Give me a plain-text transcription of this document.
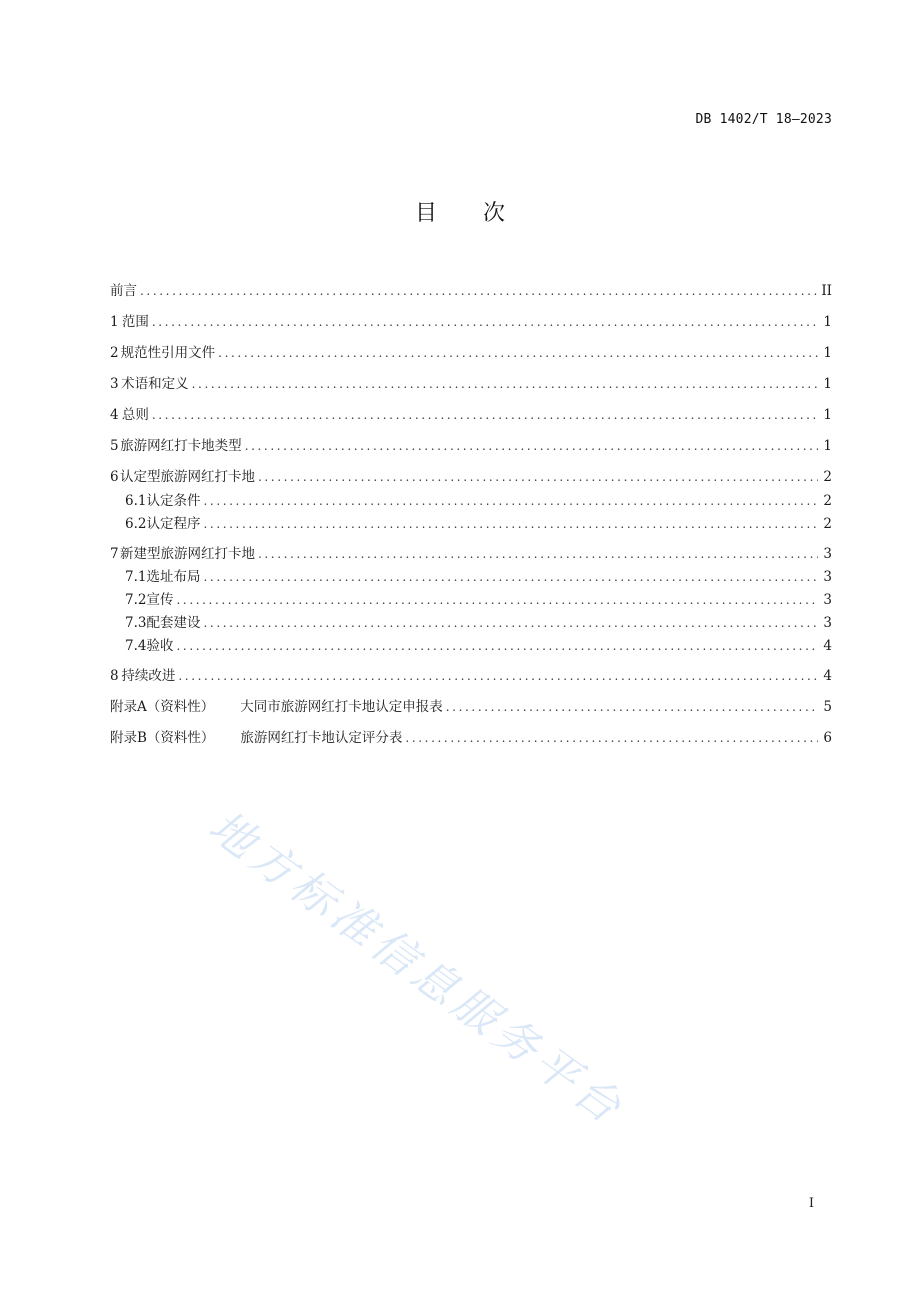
DB 1402/T 18—2023
目次
前言 .....	II
1 范围 .....	1
2 规范性引用文件 .....	1
3 术语和定义 .....	1
4 总则 .....	1
5 旅游网红打卡地类型 .....	1
6 认定型旅游网红打卡地 .....	2
6.1 认定条件 .....	2
6.2 认定程序 .....	2
7 新建型旅游网红打卡地 .....	3
7.1 选址布局 .....	3
7.2 宣传 .....	3
7.3 配套建设 .....	3
7.4 验收 .....	4
8 持续改进 .....	4
附录A（资料性） 大同市旅游网红打卡地认定申报表 .....	5
附录B（资料性） 旅游网红打卡地认定评分表 .....	6
地方标准信息服务平台
I
